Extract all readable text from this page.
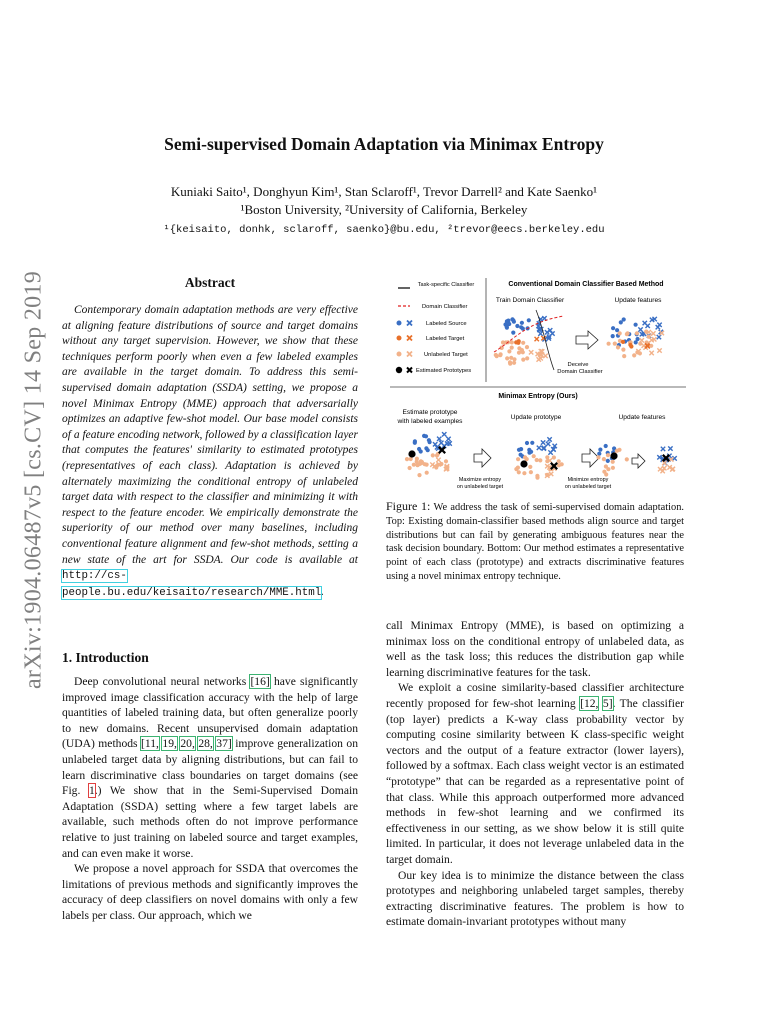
Semi-supervised Domain Adaptation via Minimax Entropy
Kuniaki Saito¹, Donghyun Kim¹, Stan Sclaroff¹, Trevor Darrell² and Kate Saenko¹
¹Boston University, ²University of California, Berkeley
¹{keisaito, donhk, sclaroff, saenko}@bu.edu, ²trevor@eecs.berkeley.edu
arXiv:1904.06487v5 [cs.CV] 14 Sep 2019	Abstract
Contemporary domain adaptation methods are very effective at aligning feature distributions of source and target domains without any target supervision. However, we show that these techniques perform poorly when even a few labeled examples are available in the target domain. To address this semi-supervised domain adaptation (SSDA) setting, we propose a novel Minimax Entropy (MME) approach that adversarially optimizes an adaptive few-shot model. Our base model consists of a feature encoding network, followed by a classification layer that computes the features' similarity to estimated prototypes (representatives of each class). Adaptation is achieved by alternately maximizing the conditional entropy of unlabeled target data with respect to the classifier and minimizing it with respect to the feature encoder. We empirically demonstrate the superiority of our method over many baselines, including conventional feature alignment and few-shot methods, setting a new state of the art for SSDA. Our code is available at http://cs-people.bu.edu/keisaito/research/MME.html.
1. Introduction

Deep convolutional neural networks [16] have significantly improved image classification accuracy with the help of large quantities of labeled training data, but often generalize poorly to new domains. Recent unsupervised domain adaptation (UDA) methods [11, 19, 20, 28, 37] improve generalization on unlabeled target data by aligning distributions, but can fail to learn discriminative class boundaries on target domains (see Fig. 1.) We show that in the Semi-Supervised Domain Adaptation (SSDA) setting where a few target labels are available, such methods often do not improve performance relative to just training on labeled source and target examples, and can even make it worse.

We propose a novel approach for SSDA that overcomes the limitations of previous methods and significantly improves the accuracy of deep classifiers on novel domains with only a few labels per class. Our approach, which we

call Minimax Entropy (MME), is based on optimizing a minimax loss on the conditional entropy of unlabeled data, as well as the task loss; this reduces the distribution gap while learning discriminative features for the task.

We exploit a cosine similarity-based classifier architecture recently proposed for few-shot learning [12, 5]. The classifier (top layer) predicts a K-way class probability vector by computing cosine similarity between K class-specific weight vectors and the output of a feature extractor (lower layers), followed by a softmax. Each class weight vector is an estimated “prototype” that can be regarded as a representative point of that class. While this approach outperformed more advanced methods in few-shot learning and we confirmed its effectiveness in our setting, as we show below it is still quite limited. In particular, it does not leverage unlabeled data in the target domain.

Our key idea is to minimize the distance between the class prototypes and neighboring unlabeled target samples, thereby extracting discriminative features. The problem is how to estimate domain-invariant prototypes without many

Task-specific Classifier
Domain Classifier
Labeled Source
Labeled Target
Unlabeled Target
Estimated Prototypes
Conventional Domain Classifier Based Method
Train Domain Classifier	Update features
Deceive
Domain Classifier
Minimax Entropy (Ours)
Estimate prototype
with labeled examples
Update prototype	Update features
Maximize entropy
on unlabeled target
Minimize entropy
on unlabeled target
Figure 1: We address the task of semi-supervised domain adaptation. Top: Existing domain-classifier based methods align source and target distributions but can fail by generating ambiguous features near the task decision boundary. Bottom: Our method estimates a representative point of each class (prototype) and extracts discriminative features using a novel minimax entropy technique.
